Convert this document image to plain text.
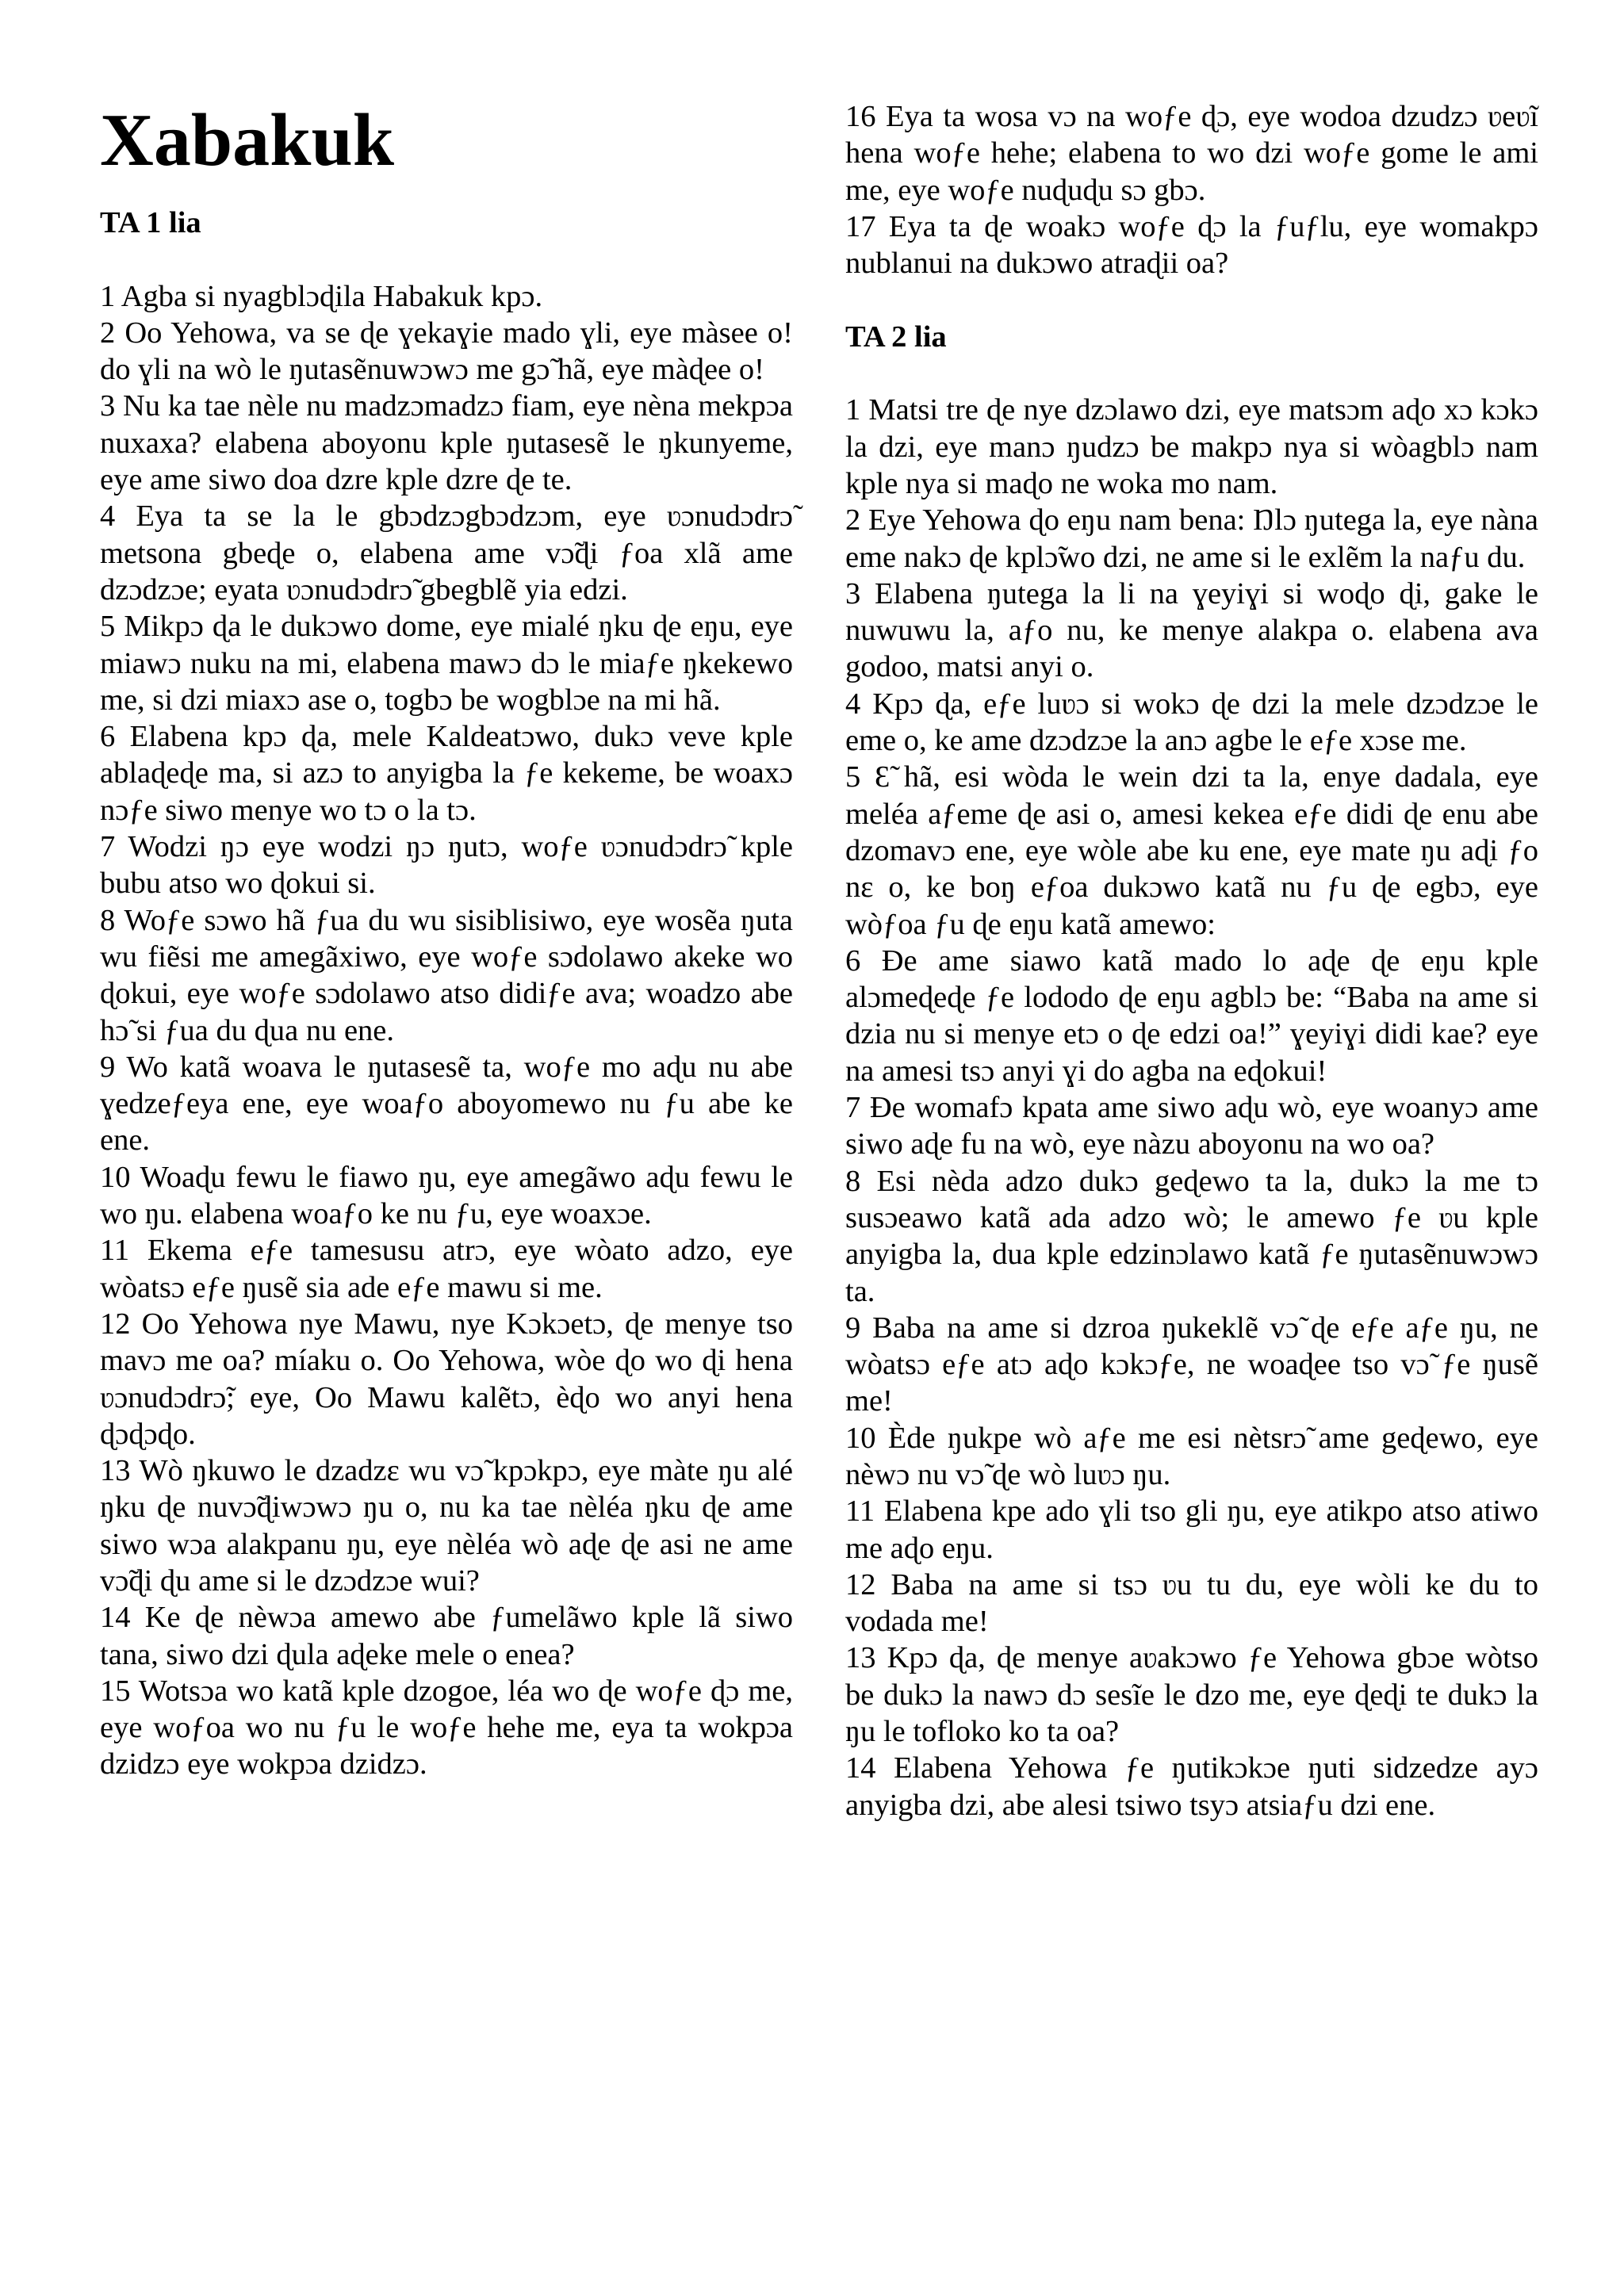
Xabakuk

TA 1 lia

1 Agba si nyagblɔɖila Habakuk kpɔ.

2 Oo Yehowa, va se ɖe ɣekaɣie mado ɣli, eye màsee o! do ɣli na wò le ŋutasẽnuwɔwɔ me gɔ̃ hã, eye màɖee o!

3 Nu ka tae nèle nu madzɔmadzɔ fiam, eye nèna mekpɔa nuxaxa? elabena aboyonu kple ŋutasesẽ le ŋkunyeme, eye ame siwo doa dzre kple dzre ɖe te.

4 Eya ta se la le gbɔdzɔgbɔdzɔm, eye ʋɔnudɔdrɔ̃ metsona gbeɖe o, elabena ame vɔ̃ɖi ƒoa xlã ame dzɔdzɔe; eyata ʋɔnudɔdrɔ̃ gbegblẽ yia edzi.

5 Mikpɔ ɖa le dukɔwo dome, eye mialé ŋku ɖe eŋu, eye miawɔ nuku na mi, elabena mawɔ dɔ le miaƒe ŋkekewo me, si dzi miaxɔ ase o, togbɔ be wogblɔe na mi hã.

6 Elabena kpɔ ɖa, mele Kaldeatɔwo, dukɔ veve kple ablaɖeɖe ma, si azɔ to anyigba la ƒe kekeme, be woaxɔ nɔƒe siwo menye wo tɔ o la tɔ.

7 Wodzi ŋɔ eye wodzi ŋɔ ŋutɔ, woƒe ʋɔnudɔdrɔ̃ kple bubu atso wo ɖokui si.

8 Woƒe sɔwo hã ƒua du wu sisiblisiwo, eye wosẽa ŋuta wu fiẽsi me amegãxiwo, eye woƒe sɔdolawo akeke wo ɖokui, eye woƒe sɔdolawo atso didiƒe ava; woadzo abe hɔ̃ si ƒua du ɖua nu ene.

9 Wo katã woava le ŋutasesẽ ta, woƒe mo aɖu nu abe ɣedzeƒeya ene, eye woaƒo aboyomewo nu ƒu abe ke ene.

10 Woaɖu fewu le fiawo ŋu, eye amegãwo aɖu fewu le wo ŋu. elabena woaƒo ke nu ƒu, eye woaxɔe.

11 Ekema eƒe tamesusu atrɔ, eye wòato adzo, eye wòatsɔ eƒe ŋusẽ sia ade eƒe mawu si me.

12 Oo Yehowa nye Mawu, nye Kɔkɔetɔ, ɖe menye tso mavɔ me oa? míaku o. Oo Yehowa, wòe ɖo wo ɖi hena ʋɔnudɔdrɔ̃; eye, Oo Mawu kalẽtɔ, èɖo wo anyi hena ɖɔɖɔɖo.

13 Wò ŋkuwo le dzadzɛ wu vɔ̃ kpɔkpɔ, eye màte ŋu alé ŋku ɖe nuvɔ̃ɖiwɔwɔ ŋu o, nu ka tae nèléa ŋku ɖe ame siwo wɔa alakpanu ŋu, eye nèléa wò aɖe ɖe asi ne ame vɔ̃ɖi ɖu ame si le dzɔdzɔe wui?

14 Ke ɖe nèwɔa amewo abe ƒumelãwo kple lã siwo tana, siwo dzi ɖula aɖeke mele o enea?

15 Wotsɔa wo katã kple dzogoe, léa wo ɖe woƒe ɖɔ me, eye woƒoa wo nu ƒu le woƒe hehe me, eya ta wokpɔa dzidzɔ eye wokpɔa dzidzɔ.

16 Eya ta wosa vɔ na woƒe ɖɔ, eye wodoa dzudzɔ ʋeʋĩ hena woƒe hehe; elabena to wo dzi woƒe gome le ami me, eye woƒe nuɖuɖu sɔ gbɔ.

17 Eya ta ɖe woakɔ woƒe ɖɔ la ƒuƒlu, eye womakpɔ nublanui na dukɔwo atraɖii oa?

TA 2 lia

1 Matsi tre ɖe nye dzɔlawo dzi, eye matsɔm aɖo xɔ kɔkɔ la dzi, eye manɔ ŋudzɔ be makpɔ nya si wòagblɔ nam kple nya si maɖo ne woka mo nam.

2 Eye Yehowa ɖo eŋu nam bena: Ŋlɔ ŋutega la, eye nàna eme nakɔ ɖe kplɔ̃wo dzi, ne ame si le exlẽm la naƒu du.

3 Elabena ŋutega la li na ɣeyiɣi si woɖo ɖi, gake le nuwuwu la, aƒo nu, ke menye alakpa o. elabena ava godoo, matsi anyi o.

4 Kpɔ ɖa, eƒe luʋɔ si wokɔ ɖe dzi la mele dzɔdzɔe le eme o, ke ame dzɔdzɔe la anɔ agbe le eƒe xɔse me.

5 Ɛ̃ hã, esi wòda le wein dzi ta la, enye dadala, eye meléa aƒeme ɖe asi o, amesi kekea eƒe didi ɖe enu abe dzomavɔ ene, eye wòle abe ku ene, eye mate ŋu aɖi ƒo nɛ o, ke boŋ eƒoa dukɔwo katã nu ƒu ɖe egbɔ, eye wòƒoa ƒu ɖe eŋu katã amewo:

6 Ɖe ame siawo katã mado lo aɖe ɖe eŋu kple alɔmeɖeɖe ƒe lododo ɖe eŋu agblɔ be: “Baba na ame si dzia nu si menye etɔ o ɖe edzi oa!” ɣeyiɣi didi kae? eye na amesi tsɔ anyi ɣi do agba na eɖokui!

7 Ɖe womafɔ kpata ame siwo aɖu wò, eye woanyɔ ame siwo aɖe fu na wò, eye nàzu aboyonu na wo oa?

8 Esi nèda adzo dukɔ geɖewo ta la, dukɔ la me tɔ susɔeawo katã ada adzo wò; le amewo ƒe ʋu kple anyigba la, dua kple edzinɔlawo katã ƒe ŋutasẽnuwɔwɔ ta.

9 Baba na ame si dzroa ŋukeklẽ vɔ̃ ɖe eƒe aƒe ŋu, ne wòatsɔ eƒe atɔ aɖo kɔkɔƒe, ne woaɖee tso vɔ̃ ƒe ŋusẽ me!

10 Ède ŋukpe wò aƒe me esi nètsrɔ̃ ame geɖewo, eye nèwɔ nu vɔ̃ ɖe wò luʋɔ ŋu.

11 Elabena kpe ado ɣli tso gli ŋu, eye atikpo atso atiwo me aɖo eŋu.

12 Baba na ame si tsɔ ʋu tu du, eye wòli ke du to vodada me!

13 Kpɔ ɖa, ɖe menye aʋakɔwo ƒe Yehowa gbɔe wòtso be dukɔ la nawɔ dɔ sesĩe le dzo me, eye ɖeɖi te dukɔ la ŋu le tofloko ko ta oa?

14 Elabena Yehowa ƒe ŋutikɔkɔe ŋuti sidzedze ayɔ anyigba dzi, abe alesi tsiwo tsyɔ atsiaƒu dzi ene.
